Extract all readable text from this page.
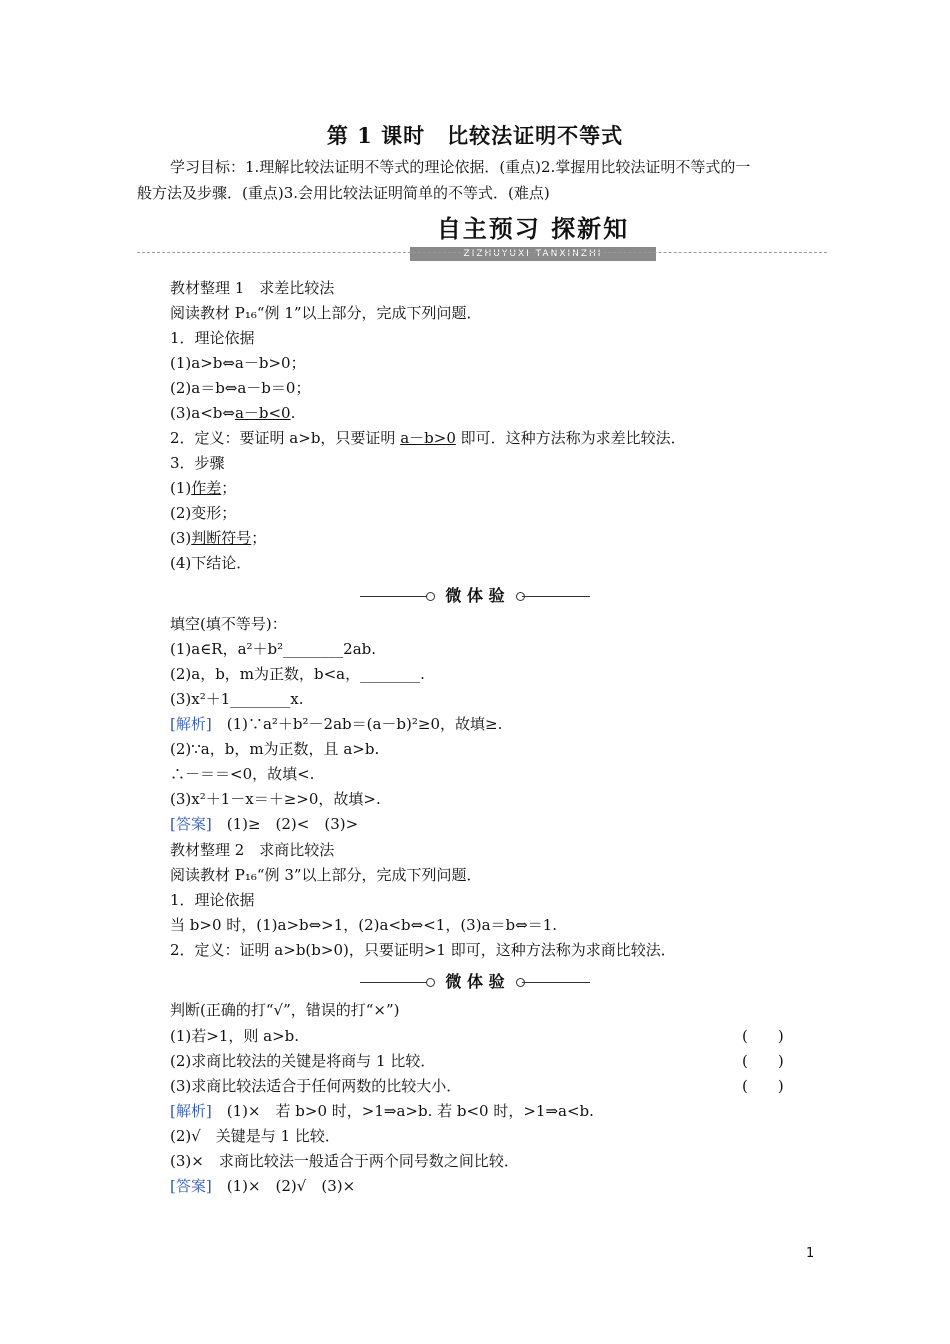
第 1 课时　比较法证明不等式

学习目标：1.理解比较法证明不等式的理论依据．(重点)2.掌握用比较法证明不等式的一

般方法及步骤．(重点)3.会用比较法证明简单的不等式．(难点)

自主预习 探新知
ZIZHUYUXI TANXINZHI
教材整理 1　求差比较法
阅读教材 P₁₆“例 1”以上部分，完成下列问题．
1．理论依据
(1)a>b⇔a－b>0；
(2)a＝b⇔a－b＝0；
(3)a<b⇔a－b<0.
2．定义：要证明 a>b，只要证明 a－b>0 即可．这种方法称为求差比较法．
3．步骤
(1)作差；
(2)变形；
(3)判断符号；
(4)下结论．
微 体 验
填空(填不等号)：
(1)a∈R，a²＋b²________2ab.
(2)a，b，m为正数，b<a，________.
(3)x²＋1________x.
[解析]　(1)∵a²＋b²－2ab＝(a－b)²≥0，故填≥.
(2)∵a，b，m为正数，且 a>b.
∴－＝＝<0，故填<.
(3)x²＋1－x＝＋≥>0，故填>.
[答案]　(1)≥　(2)<　(3)>
教材整理 2　求商比较法
阅读教材 P₁₆“例 3”以上部分，完成下列问题．
1．理论依据
当 b>0 时，(1)a>b⇔>1，(2)a<b⇔<1，(3)a＝b⇔＝1.
2．定义：证明 a>b(b>0)，只要证明>1 即可，这种方法称为求商比较法．
微 体 验
判断(正确的打“√”，错误的打“×”)
(1)若>1，则 a>b.	(　　)
(2)求商比较法的关键是将商与 1 比较．	(　　)
(3)求商比较法适合于任何两数的比较大小．	(　　)
[解析]　(1)×　若 b>0 时，>1⇒a>b. 若 b<0 时，>1⇒a<b.
(2)√　关键是与 1 比较．
(3)×　求商比较法一般适合于两个同号数之间比较．
[答案]　(1)×　(2)√　(3)×
1
